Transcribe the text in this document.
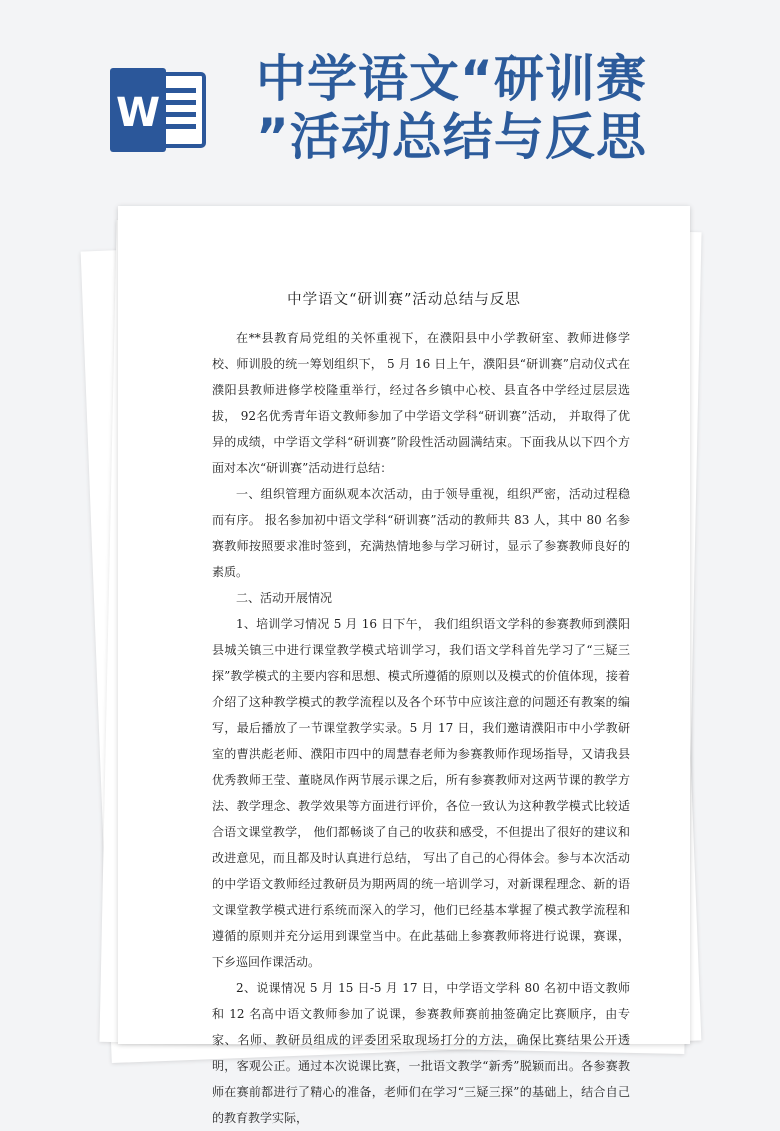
W
中学语文“研训赛
”活动总结与反思
中学语文“研训赛”活动总结与反思

在**县教育局党组的关怀重视下，在濮阳县中小学教研室、教师进修学校、师训股的统一筹划组织下， 5 月 16 日上午，濮阳县“研训赛”启动仪式在濮阳县教师进修学校隆重举行，经过各乡镇中心校、县直各中学经过层层选拔， 92名优秀青年语文教师参加了中学语文学科“研训赛”活动， 并取得了优异的成绩，中学语文学科“研训赛”阶段性活动圆满结束。下面我从以下四个方面对本次“研训赛”活动进行总结：

一、组织管理方面纵观本次活动，由于领导重视，组织严密，活动过程稳而有序。 报名参加初中语文学科“研训赛”活动的教师共 83 人，其中 80 名参赛教师按照要求准时签到，充满热情地参与学习研讨，显示了参赛教师良好的素质。

二、活动开展情况

1、培训学习情况 5 月 16 日下午， 我们组织语文学科的参赛教师到濮阳县城关镇三中进行课堂教学模式培训学习，我们语文学科首先学习了“三疑三探”教学模式的主要内容和思想、模式所遵循的原则以及模式的价值体现，接着介绍了这种教学模式的教学流程以及各个环节中应该注意的问题还有教案的编写，最后播放了一节课堂教学实录。5 月 17 日，我们邀请濮阳市中小学教研室的曹洪彪老师、濮阳市四中的周慧春老师为参赛教师作现场指导，又请我县优秀教师王莹、董晓凤作两节展示课之后，所有参赛教师对这两节课的教学方法、教学理念、教学效果等方面进行评价，各位一致认为这种教学模式比较适合语文课堂教学， 他们都畅谈了自己的收获和感受，不但提出了很好的建议和改进意见，而且都及时认真进行总结， 写出了自己的心得体会。参与本次活动的中学语文教师经过教研员为期两周的统一培训学习，对新课程理念、新的语文课堂教学模式进行系统而深入的学习，他们已经基本掌握了模式教学流程和遵循的原则并充分运用到课堂当中。在此基础上参赛教师将进行说课，赛课，下乡巡回作课活动。

2、说课情况 5 月 15 日-5 月 17 日，中学语文学科 80 名初中语文教师和 12 名高中语文教师参加了说课，参赛教师赛前抽签确定比赛顺序，由专家、名师、教研员组成的评委团采取现场打分的方法，确保比赛结果公开透明，客观公正。通过本次说课比赛，一批语文教学“新秀”脱颖而出。各参赛教师在赛前都进行了精心的准备，老师们在学习“三疑三探”的基础上，结合自己的教育教学实际，
